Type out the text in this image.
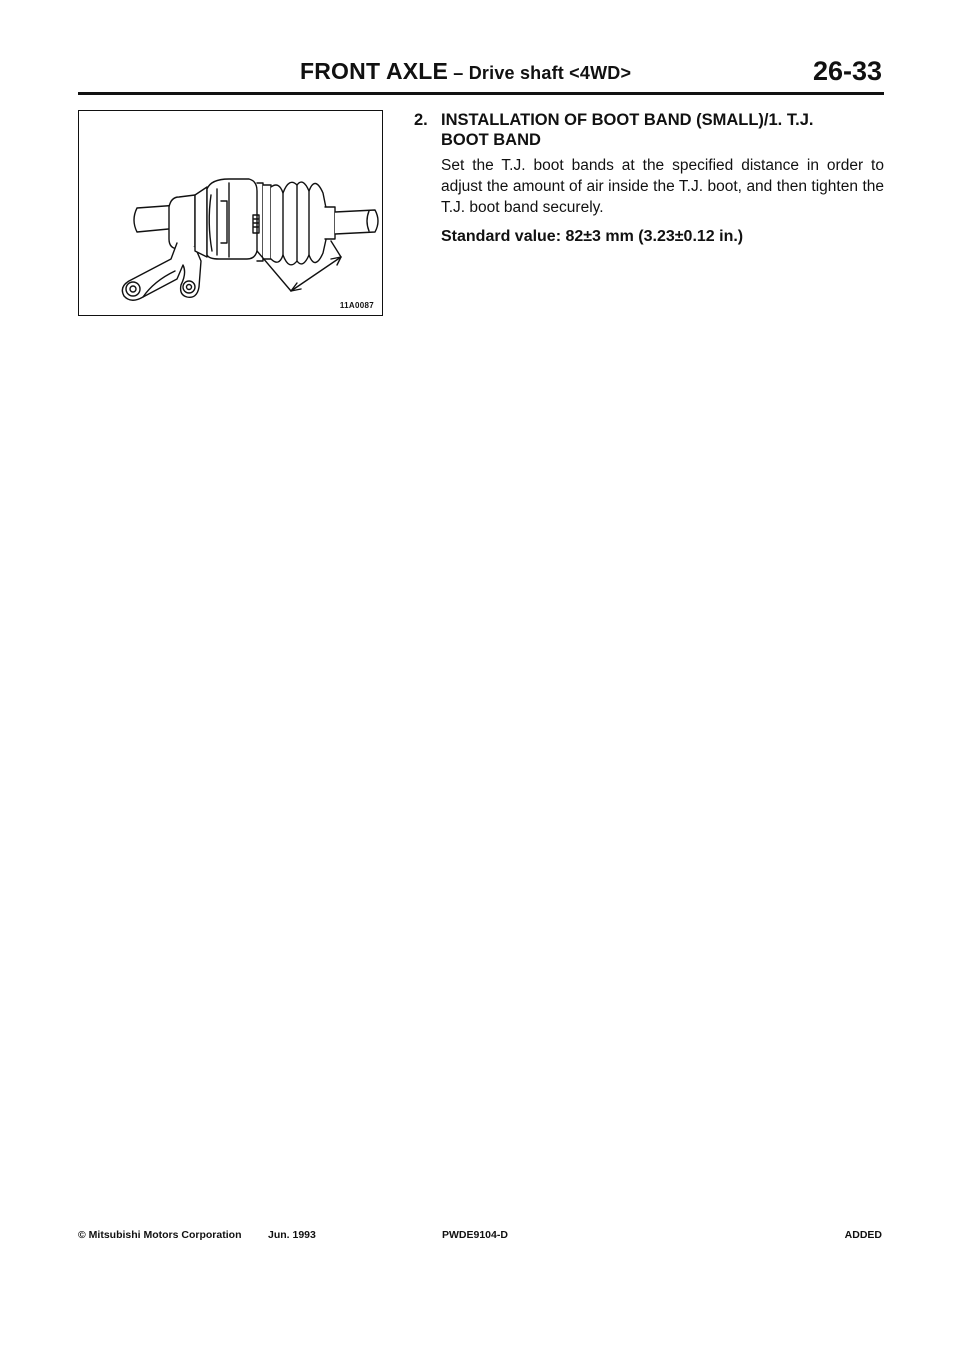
FRONT AXLE – Drive shaft <4WD>	26-33
11A0087
2. INSTALLATION OF BOOT BAND (SMALL)/1. T.J.
BOOT BAND

Set the T.J. boot bands at the specified distance in order to adjust the amount of air inside the T.J. boot, and then tighten the T.J. boot band securely.

Standard value: 82±3 mm (3.23±0.12 in.)
© Mitsubishi Motors Corporation	Jun. 1993	PWDE9104-D	ADDED
